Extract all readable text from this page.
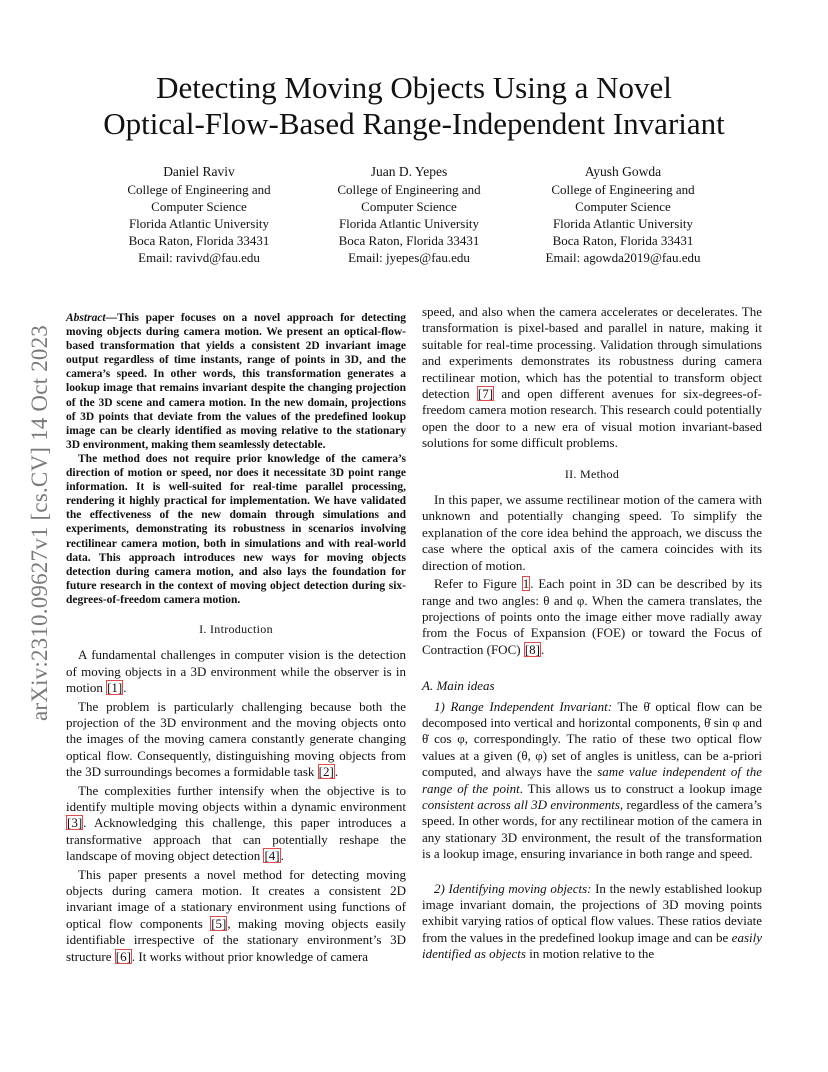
arXiv:2310.09627v1 [cs.CV] 14 Oct 2023
Detecting Moving Objects Using a Novel
Optical-Flow-Based Range-Independent Invariant
Daniel Raviv
College of Engineering and
Computer Science
Florida Atlantic University
Boca Raton, Florida 33431
Email: ravivd@fau.edu
Juan D. Yepes
College of Engineering and
Computer Science
Florida Atlantic University
Boca Raton, Florida 33431
Email: jyepes@fau.edu
Ayush Gowda
College of Engineering and
Computer Science
Florida Atlantic University
Boca Raton, Florida 33431
Email: agowda2019@fau.edu

Abstract—This paper focuses on a novel approach for detecting moving objects during camera motion. We present an optical-flow-based transformation that yields a consistent 2D invariant image output regardless of time instants, range of points in 3D, and the camera’s speed. In other words, this transformation generates a lookup image that remains invariant despite the changing projection of the 3D scene and camera motion. In the new domain, projections of 3D points that deviate from the values of the predefined lookup image can be clearly identified as moving relative to the stationary 3D environment, making them seamlessly detectable.

The method does not require prior knowledge of the camera’s direction of motion or speed, nor does it necessitate 3D point range information. It is well-suited for real-time parallel processing, rendering it highly practical for implementation. We have validated the effectiveness of the new domain through simulations and experiments, demonstrating its robustness in scenarios involving rectilinear camera motion, both in simulations and with real-world data. This approach introduces new ways for moving objects detection during camera motion, and also lays the foundation for future research in the context of moving object detection during six-degrees-of-freedom camera motion.

I. Introduction

A fundamental challenges in computer vision is the detection of moving objects in a 3D environment while the observer is in motion [1].

The problem is particularly challenging because both the projection of the 3D environment and the moving objects onto the images of the moving camera constantly generate changing optical flow. Consequently, distinguishing moving objects from the 3D surroundings becomes a formidable task [2].

The complexities further intensify when the objective is to identify multiple moving objects within a dynamic environment [3]. Acknowledging this challenge, this paper introduces a transformative approach that can potentially reshape the landscape of moving object detection [4].

This paper presents a novel method for detecting moving objects during camera motion. It creates a consistent 2D invariant image of a stationary environment using functions of optical flow components [5], making moving objects easily identifiable irrespective of the stationary environment’s 3D structure [6]. It works without prior knowledge of camera

speed, and also when the camera accelerates or decelerates. The transformation is pixel-based and parallel in nature, making it suitable for real-time processing. Validation through simulations and experiments demonstrates its robustness during camera rectilinear motion, which has the potential to transform object detection [7] and open different avenues for six-degrees-of-freedom camera motion research. This research could potentially open the door to a new era of visual motion invariant-based solutions for some difficult problems.

II. Method

In this paper, we assume rectilinear motion of the camera with unknown and potentially changing speed. To simplify the explanation of the core idea behind the approach, we discuss the case where the optical axis of the camera coincides with its direction of motion.

Refer to Figure 1. Each point in 3D can be described by its range and two angles: θ and φ. When the camera translates, the projections of points onto the image either move radially away from the Focus of Expansion (FOE) or toward the Focus of Contraction (FOC) [8].

A. Main ideas

1) Range Independent Invariant: The θ̇ optical flow can be decomposed into vertical and horizontal components, θ̇ sin φ and θ̇ cos φ, correspondingly. The ratio of these two optical flow values at a given (θ, φ) set of angles is unitless, can be a-priori computed, and always have the same value independent of the range of the point. This allows us to construct a lookup image consistent across all 3D environments, regardless of the camera’s speed. In other words, for any rectilinear motion of the camera in any stationary 3D environment, the result of the transformation is a lookup image, ensuring invariance in both range and speed.

2) Identifying moving objects: In the newly established lookup image invariant domain, the projections of 3D moving points exhibit varying ratios of optical flow values. These ratios deviate from the values in the predefined lookup image and can be easily identified as objects in motion relative to the
